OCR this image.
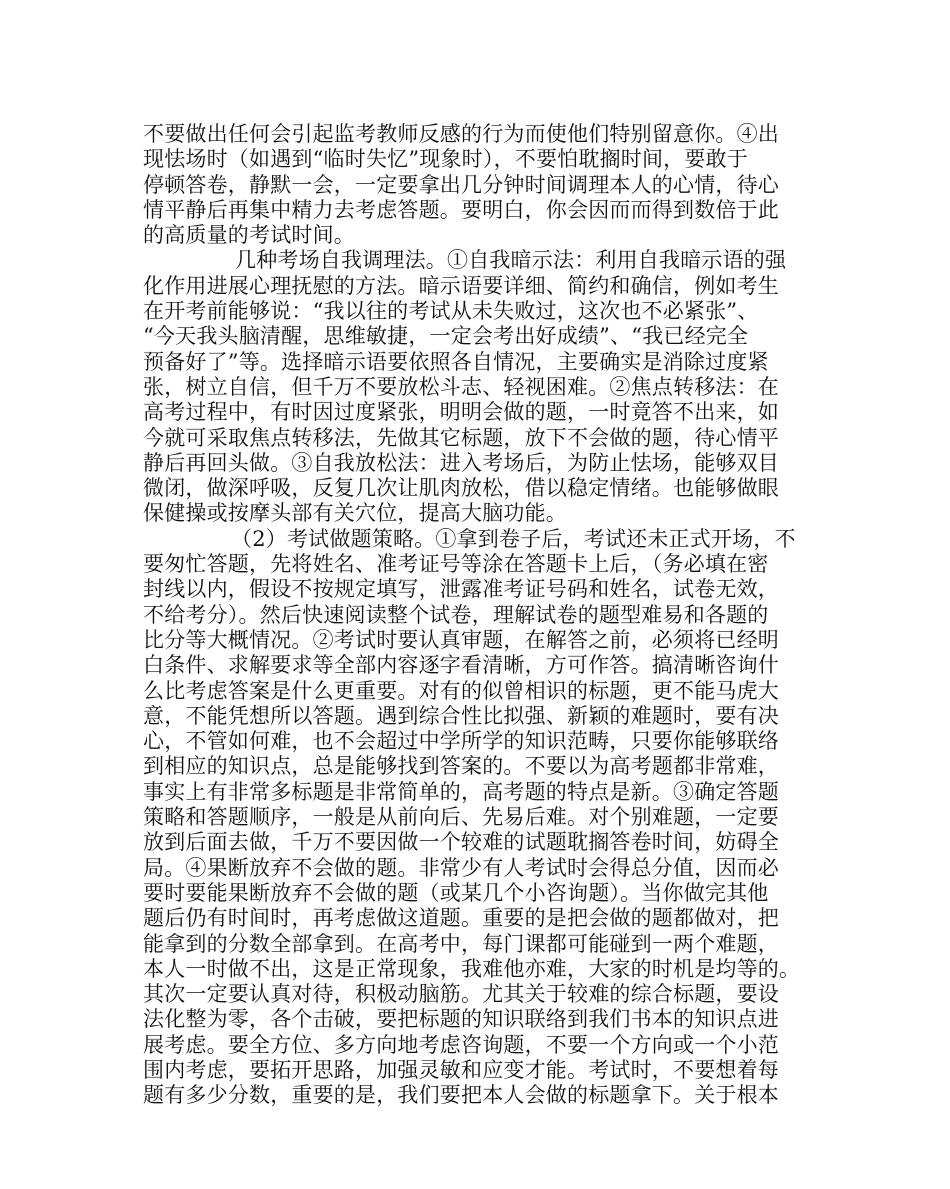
不要做出任何会引起监考教师反感的行为而使他们特别留意你。④出
现怯场时（如遇到“临时失忆”现象时），不要怕耽搁时间，要敢于
停顿答卷，静默一会，一定要拿出几分钟时间调理本人的心情，待心
情平静后再集中精力去考虑答题。要明白，你会因而而得到数倍于此
的高质量的考试时间。
几种考场自我调理法。①自我暗示法：利用自我暗示语的强
化作用进展心理抚慰的方法。暗示语要详细、简约和确信，例如考生
在开考前能够说：“我以往的考试从未失败过，这次也不必紧张”、
“今天我头脑清醒，思维敏捷，一定会考出好成绩”、“我已经完全
预备好了”等。选择暗示语要依照各自情况，主要确实是消除过度紧
张，树立自信，但千万不要放松斗志、轻视困难。②焦点转移法：在
高考过程中，有时因过度紧张，明明会做的题，一时竟答不出来，如
今就可采取焦点转移法，先做其它标题，放下不会做的题，待心情平
静后再回头做。③自我放松法：进入考场后，为防止怯场，能够双目
微闭，做深呼吸，反复几次让肌肉放松，借以稳定情绪。也能够做眼
保健操或按摩头部有关穴位，提高大脑功能。
（2）考试做题策略。①拿到卷子后，考试还未正式开场，不
要匆忙答题，先将姓名、准考证号等涂在答题卡上后，（务必填在密
封线以内，假设不按规定填写，泄露准考证号码和姓名，试卷无效，
不给考分）。然后快速阅读整个试卷，理解试卷的题型难易和各题的
比分等大概情况。②考试时要认真审题，在解答之前，必须将已经明
白条件、求解要求等全部内容逐字看清晰，方可作答。搞清晰咨询什
么比考虑答案是什么更重要。对有的似曾相识的标题，更不能马虎大
意，不能凭想所以答题。遇到综合性比拟强、新颖的难题时，要有决
心，不管如何难，也不会超过中学所学的知识范畴，只要你能够联络
到相应的知识点，总是能够找到答案的。不要以为高考题都非常难，
事实上有非常多标题是非常简单的，高考题的特点是新。③确定答题
策略和答题顺序，一般是从前向后、先易后难。对个别难题，一定要
放到后面去做，千万不要因做一个较难的试题耽搁答卷时间，妨碍全
局。④果断放弃不会做的题。非常少有人考试时会得总分值，因而必
要时要能果断放弃不会做的题（或某几个小咨询题）。当你做完其他
题后仍有时间时，再考虑做这道题。重要的是把会做的题都做对，把
能拿到的分数全部拿到。在高考中，每门课都可能碰到一两个难题，
本人一时做不出，这是正常现象，我难他亦难，大家的时机是均等的。
其次一定要认真对待，积极动脑筋。尤其关于较难的综合标题，要设
法化整为零，各个击破，要把标题的知识联络到我们书本的知识点进
展考虑。要全方位、多方向地考虑咨询题，不要一个方向或一个小范
围内考虑，要拓开思路，加强灵敏和应变才能。考试时，不要想着每
题有多少分数，重要的是，我们要把本人会做的标题拿下。关于根本
